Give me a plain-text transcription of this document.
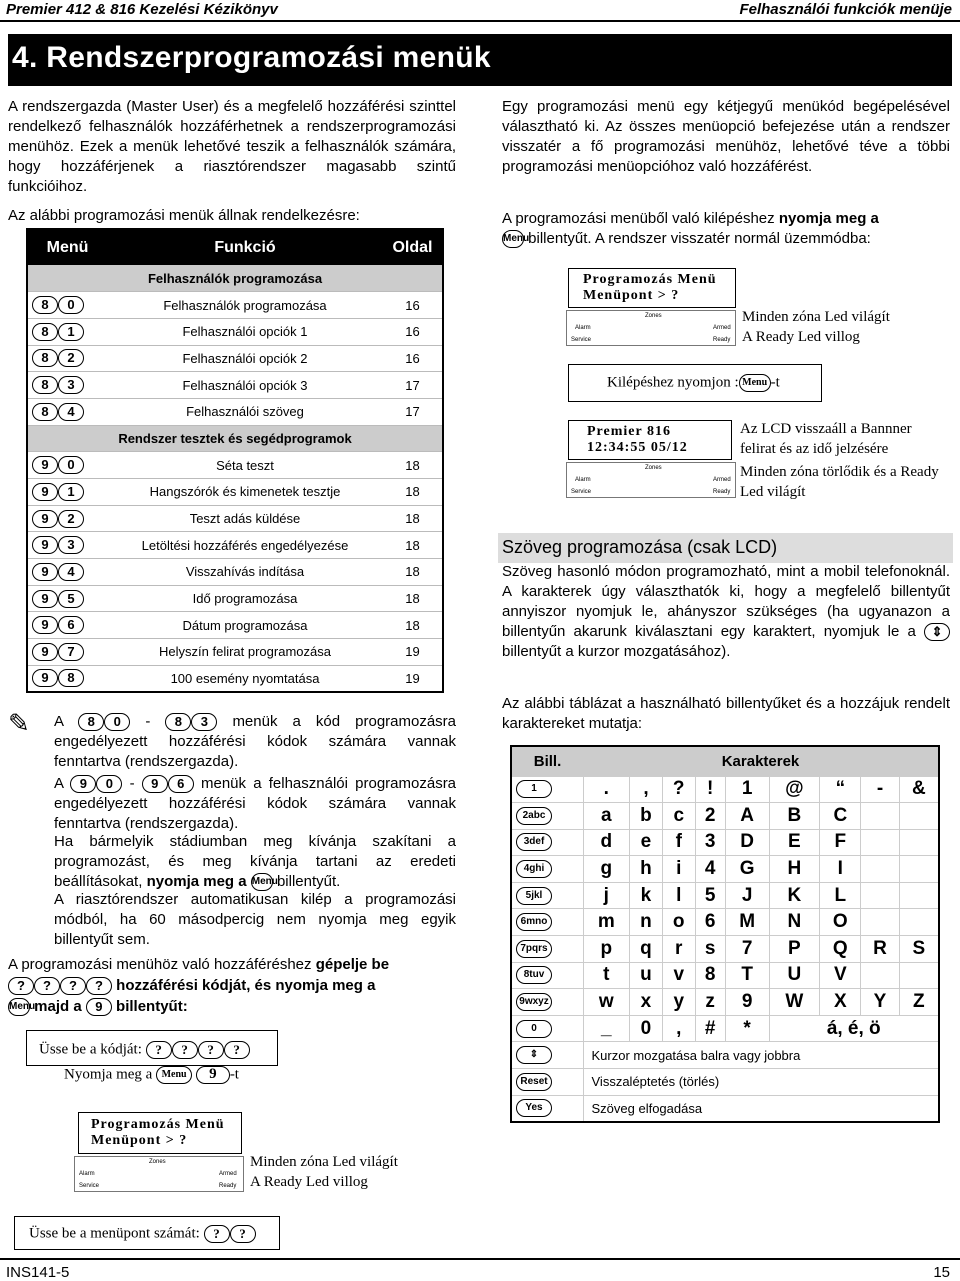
Premier 412 & 816 Kezelési Kézikönyv	Felhasználói funkciók menüje
4. Rendszerprogramozási menük
A rendszergazda (Master User) és a megfelelő hozzáférési szinttel rendelkező felhasználók hozzáférhetnek a rendszerprogramozási menühöz. Ezek a menük lehetővé teszik a felhasználók számára, hogy hozzáférjenek a riasztórendszer magasabb szintű funkcióihoz.
Az alábbi programozási menük állnak rendelkezésre:
Menü	Funkció	Oldal
Felhasználók programozása		
8 0	Felhasználók programozása	16
8 1	Felhasználói opciók 1	16
8 2	Felhasználói opciók 2	16
8 3	Felhasználói opciók 3	17
8 4	Felhasználói szöveg	17
Rendszer tesztek és segédprogramok		
9 0	Séta teszt	18
9 1	Hangszórók és kimenetek tesztje	18
9 2	Teszt adás küldése	18
9 3	Letöltési hozzáférés engedélyezése	18
9 4	Visszahívás indítása	18
9 5	Idő programozása	18
9 6	Dátum programozása	18
9 7	Helyszín felirat programozása	19
9 8	100 esemény nyomtatása	19
✎ A 8 0 - 8 3 menük a kód programozásra engedélyezett hozzáférési kódok számára vannak fenntartva (rendszergazda).
A 9 0 - 9 6 menük a felhasználói programozásra engedélyezett hozzáférési kódok számára vannak fenntartva (rendszergazda).
Ha bármelyik stádiumban meg kívánja szakítani a programozást, és meg kívánja tartani az eredeti beállításokat, nyomja meg a Menu billentyűt.
A riasztórendszer automatikusan kilép a programozási módból, ha 60 másodpercig nem nyomja meg egyik billentyűt sem.
A programozási menühöz való hozzáféréshez gépelje be
? ? ? ? hozzáférési kódját, és nyomja meg a
Menu majd a 9 billentyűt:
Üsse be a kódját: ? ? ? ?
Nyomja meg a Menu 9 -t
Programozás Menü
Menüpont > ?
Zones
Alarm
Service
Armed
Ready
Minden zóna Led világít
A Ready Led villog
Üsse be a menüpont számát: ? ?
Egy programozási menü egy kétjegyű menükód begépelésével választható ki. Az összes menüopció befejezése után a rendszer visszatér a fő programozási menühöz, lehetővé téve a többi programozási menüopcióhoz való hozzáférést.
A programozási menüből való kilépéshez nyomja meg a
Menu billentyűt. A rendszer visszatér normál üzemmódba:
Programozás Menü
Menüpont > ?
Zones
Alarm
Service
Armed
Ready
Minden zóna Led világít
A Ready Led villog
Kilépéshez nyomjon : Menu -t
Premier 816
12:34:55 05/12
Zones
Alarm
Service
Armed
Ready
Az LCD visszaáll a Bannner felirat és az idő jelzésére
Minden zóna törlődik és a Ready Led világít
Szöveg programozása (csak LCD)
Szöveg hasonló módon programozható, mint a mobil telefonoknál. A karakterek úgy választhatók ki, hogy a megfelelő billentyűt annyiszor nyomjuk le, ahányszor szükséges (ha ugyanazon a billentyűn akarunk kiválasztani egy karaktert, nyomjuk le a ⇕ billentyűt a kurzor mozgatásához).
Az alábbi táblázat a használható billentyűket és a hozzájuk rendelt karaktereket mutatja:
Bill.	Karakterek								
1	.	,	?	!	1	@	“	-	&
2abc	a	b	c	2	A	B	C		
3def	d	e	f	3	D	E	F		
4ghi	g	h	i	4	G	H	I		
5jkl	j	k	l	5	J	K	L		
6mno	m	n	o	6	M	N	O		
7pqrs	p	q	r	s	7	P	Q	R	S
8tuv	t	u	v	8	T	U	V		
9wxyz	w	x	y	z	9	W	X	Y	Z
0	_	0	,	#	*	á, é, ö			
⇕	Kurzor mozgatása balra vagy jobbra								
Reset	Visszaléptetés (törlés)								
Yes	Szöveg elfogadása								
INS141-5	15
